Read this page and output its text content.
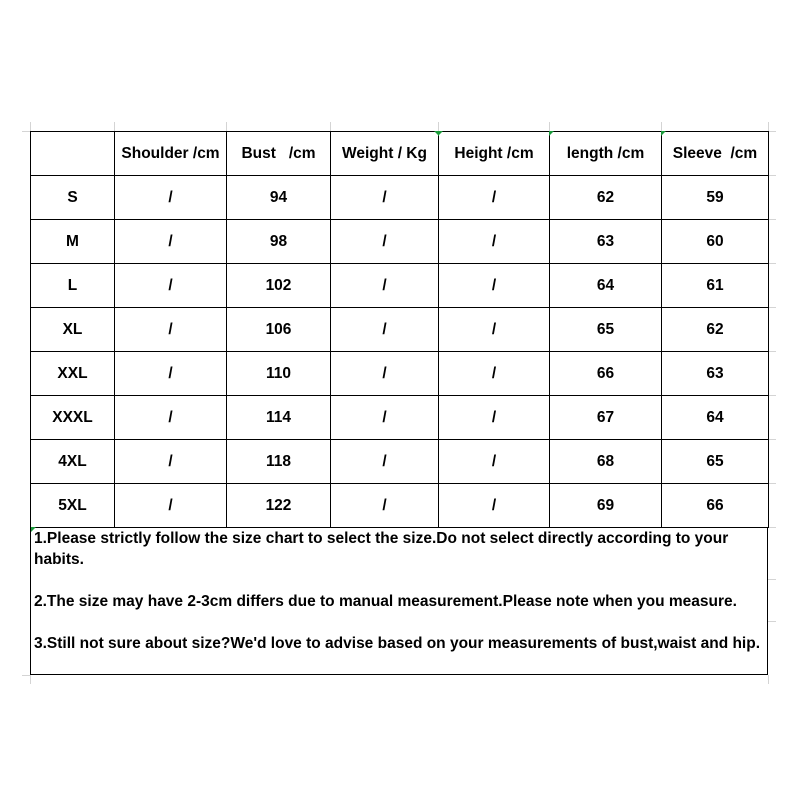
	Shoulder /cm	Bust   /cm	Weight / Kg	Height /cm	length /cm	Sleeve  /cm
S	/	94	/	/	62	59
M	/	98	/	/	63	60
L	/	102	/	/	64	61
XL	/	106	/	/	65	62
XXL	/	110	/	/	66	63
XXXL	/	114	/	/	67	64
4XL	/	118	/	/	68	65
5XL	/	122	/	/	69	66
1.Please strictly follow the size chart to select the size.Do not select directly according to your habits.
2.The size may have 2-3cm differs due to manual measurement.Please note when you measure.
3.Still not sure about size?We'd love to advise based on your measurements of bust,waist and hip.
